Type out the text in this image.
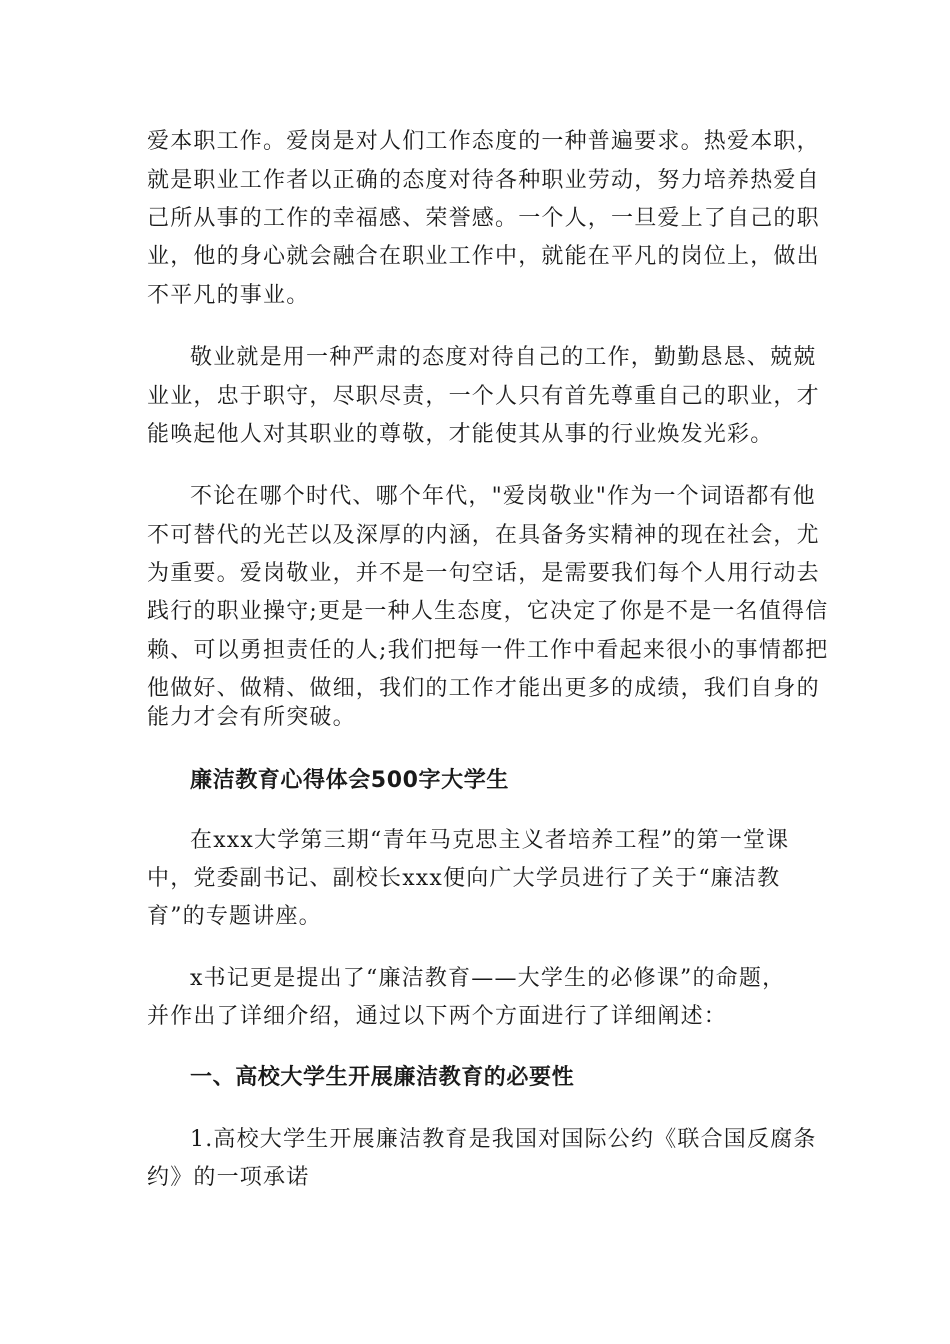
爱本职工作。爱岗是对人们工作态度的一种普遍要求。热爱本职，
就是职业工作者以正确的态度对待各种职业劳动，努力培养热爱自
己所从事的工作的幸福感、荣誉感。一个人，一旦爱上了自己的职
业，他的身心就会融合在职业工作中，就能在平凡的岗位上，做出
不平凡的事业。
敬业就是用一种严肃的态度对待自己的工作，勤勤恳恳、兢兢
业业，忠于职守，尽职尽责，一个人只有首先尊重自己的职业，才
能唤起他人对其职业的尊敬，才能使其从事的行业焕发光彩。
不论在哪个时代、哪个年代，"爱岗敬业"作为一个词语都有他
不可替代的光芒以及深厚的内涵，在具备务实精神的现在社会，尤
为重要。爱岗敬业，并不是一句空话，是需要我们每个人用行动去
践行的职业操守;更是一种人生态度，它决定了你是不是一名值得信
赖、可以勇担责任的人;我们把每一件工作中看起来很小的事情都把
他做好、做精、做细，我们的工作才能出更多的成绩，我们自身的
能力才会有所突破。
廉洁教育心得体会500字大学生
在xxx大学第三期“青年马克思主义者培养工程”的第一堂课
中，党委副书记、副校长xxx便向广大学员进行了关于“廉洁教
育”的专题讲座。
x书记更是提出了“廉洁教育——大学生的必修课”的命题，
并作出了详细介绍，通过以下两个方面进行了详细阐述：
一、高校大学生开展廉洁教育的必要性
1.高校大学生开展廉洁教育是我国对国际公约《联合国反腐条
约》的一项承诺
